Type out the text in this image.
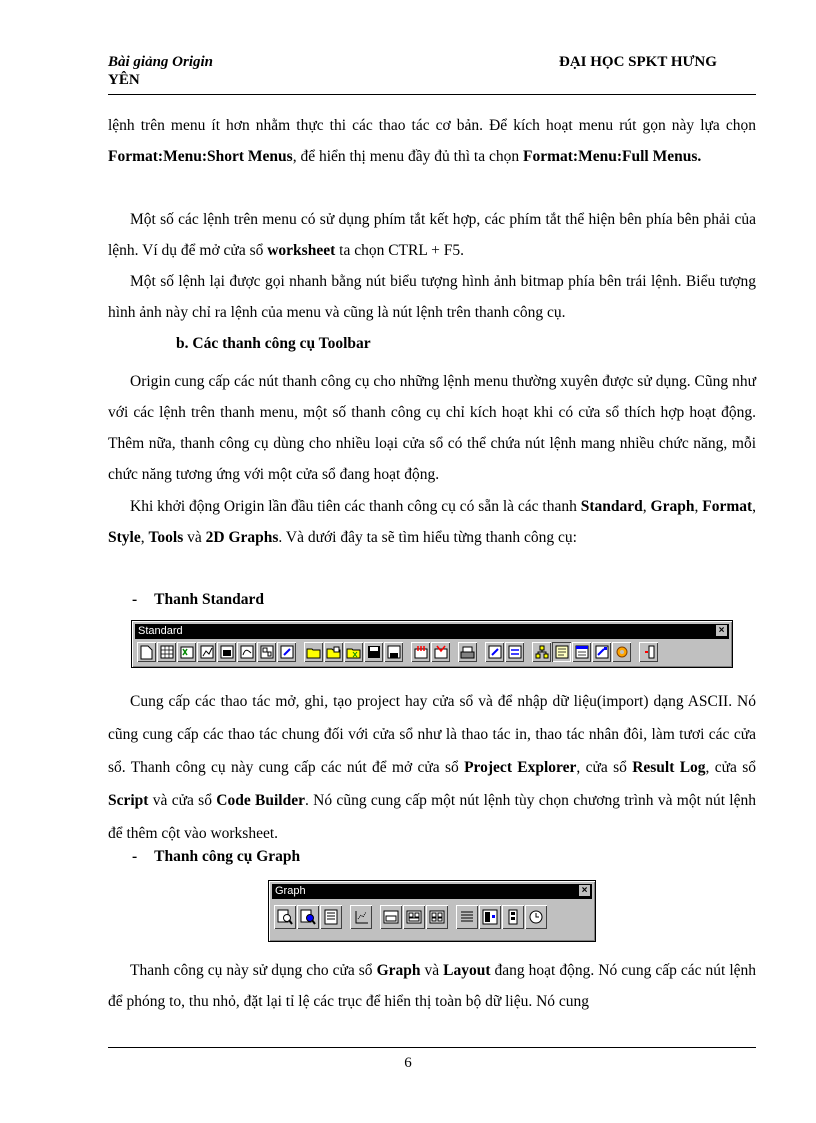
Bài giảng Origin
YÊN
ĐẠI HỌC SPKT HƯNG
lệnh trên menu ít hơn nhằm thực thi các thao tác cơ bản. Để kích hoạt menu rút gọn này lựa chọn Format:Menu:Short Menus, để hiển thị menu đầy đủ thì ta chọn Format:Menu:Full Menus.
Một số các lệnh trên menu có sử dụng phím tắt kết hợp, các phím tắt thể hiện bên phía bên phải của lệnh. Ví dụ để mở cửa sổ worksheet ta chọn CTRL + F5.
Một số lệnh lại được gọi nhanh bằng nút biểu tượng hình ảnh bitmap phía bên trái lệnh. Biểu tượng hình ảnh này chỉ ra lệnh của menu và cũng là nút lệnh trên thanh công cụ.
b. Các thanh công cụ Toolbar
Origin cung cấp các nút thanh công cụ cho những lệnh menu thường xuyên được sử dụng. Cũng như với các lệnh trên thanh menu, một số thanh công cụ chỉ kích hoạt khi có cửa sổ thích hợp hoạt động. Thêm nữa, thanh công cụ dùng cho nhiều loại cửa sổ có thể chứa nút lệnh mang nhiều chức năng, mỗi chức năng tương ứng với một cửa sổ đang hoạt động.
Khi khởi động Origin lần đầu tiên các thanh công cụ có sẵn là các thanh Standard, Graph, Format, Style, Tools và 2D Graphs. Và dưới đây ta sẽ tìm hiểu từng thanh công cụ:
- Thanh Standard
Standard	×
Cung cấp các thao tác mở, ghi, tạo project hay cửa sổ và để nhập dữ liệu(import) dạng ASCII. Nó cũng cung cấp các thao tác chung đối với cửa sổ như là thao tác in, thao tác nhân đôi, làm tươi các cửa sổ. Thanh công cụ này cung cấp các nút để mở cửa sổ Project Explorer, cửa sổ Result Log, cửa sổ Script và cửa sổ Code Builder. Nó cũng cung cấp một nút lệnh tùy chọn chương trình và một nút lệnh để thêm cột vào worksheet.
- Thanh công cụ Graph
Graph	×
Thanh công cụ này sử dụng cho cửa sổ Graph và Layout đang hoạt động. Nó cung cấp các nút lệnh để phóng to, thu nhỏ, đặt lại tỉ lệ các trục để hiển thị toàn bộ dữ liệu. Nó cung
6
